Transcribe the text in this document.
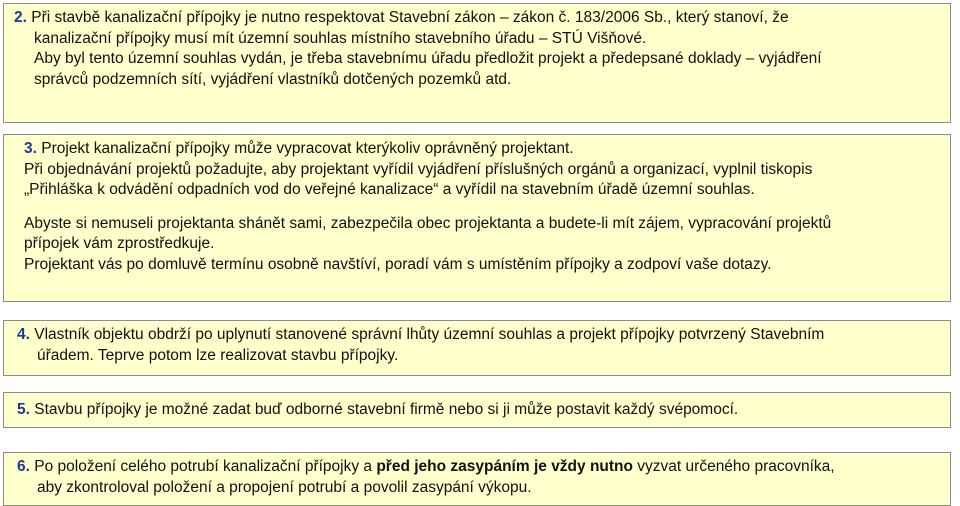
2. Při stavbě kanalizační přípojky je nutno respektovat Stavební zákon – zákon č. 183/2006 Sb., který stanoví, že

kanalizační přípojky musí mít územní souhlas místního stavebního úřadu – STÚ Višňové.

Aby byl tento územní souhlas vydán, je třeba stavebnímu úřadu předložit projekt a předepsané doklady – vyjádření

správců podzemních sítí, vyjádření vlastníků dotčených pozemků atd.

3. Projekt kanalizační přípojky může vypracovat kterýkoliv oprávněný projektant.

Při objednávání projektů požadujte, aby projektant vyřídil vyjádření příslušných orgánů a organizací, vyplnil tiskopis

„Přihláška k odvádění odpadních vod do veřejné kanalizace“ a vyřídil na stavebním úřadě územní souhlas.

Abyste si nemuseli projektanta shánět sami, zabezpečila obec projektanta a budete-li mít zájem, vypracování projektů

přípojek vám zprostředkuje.

Projektant vás po domluvě termínu osobně navštíví, poradí vám s umístěním přípojky a zodpoví vaše dotazy.

4. Vlastník objektu obdrží po uplynutí stanovené správní lhůty územní souhlas a projekt přípojky potvrzený Stavebním

úřadem. Teprve potom lze realizovat stavbu přípojky.

5. Stavbu přípojky je možné zadat buď odborné stavební firmě nebo si ji může postavit každý svépomocí.

6. Po položení celého potrubí kanalizační přípojky a před jeho zasypáním je vždy nutno vyzvat určeného pracovníka,

aby zkontroloval položení a propojení potrubí a povolil zasypání výkopu.
